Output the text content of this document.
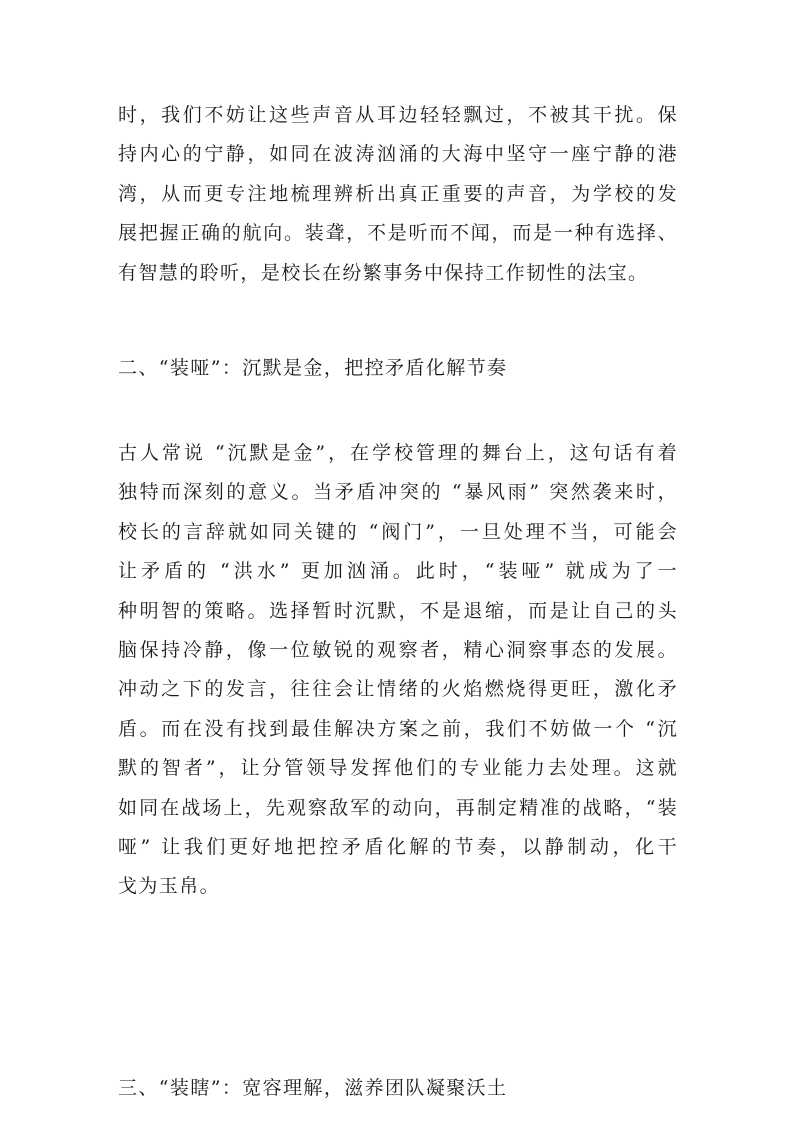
时，我们不妨让这些声音从耳边轻轻飘过，不被其干扰。保
持内心的宁静，如同在波涛汹涌的大海中坚守一座宁静的港
湾，从而更专注地梳理辨析出真正重要的声音，为学校的发
展把握正确的航向。装聋，不是听而不闻，而是一种有选择、
有智慧的聆听，是校长在纷繁事务中保持工作韧性的法宝。
二、“装哑”：沉默是金，把控矛盾化解节奏
古人常说 “沉默是金”，在学校管理的舞台上，这句话有着
独特而深刻的意义。当矛盾冲突的 “暴风雨” 突然袭来时，
校长的言辞就如同关键的 “阀门”，一旦处理不当，可能会
让矛盾的 “洪水” 更加汹涌。此时，“装哑” 就成为了一
种明智的策略。选择暂时沉默，不是退缩，而是让自己的头
脑保持冷静，像一位敏锐的观察者，精心洞察事态的发展。
冲动之下的发言，往往会让情绪的火焰燃烧得更旺，激化矛
盾。而在没有找到最佳解决方案之前，我们不妨做一个 “沉
默的智者”，让分管领导发挥他们的专业能力去处理。这就
如同在战场上，先观察敌军的动向，再制定精准的战略，“装
哑” 让我们更好地把控矛盾化解的节奏，以静制动，化干
戈为玉帛。
三、“装瞎”：宽容理解，滋养团队凝聚沃土
